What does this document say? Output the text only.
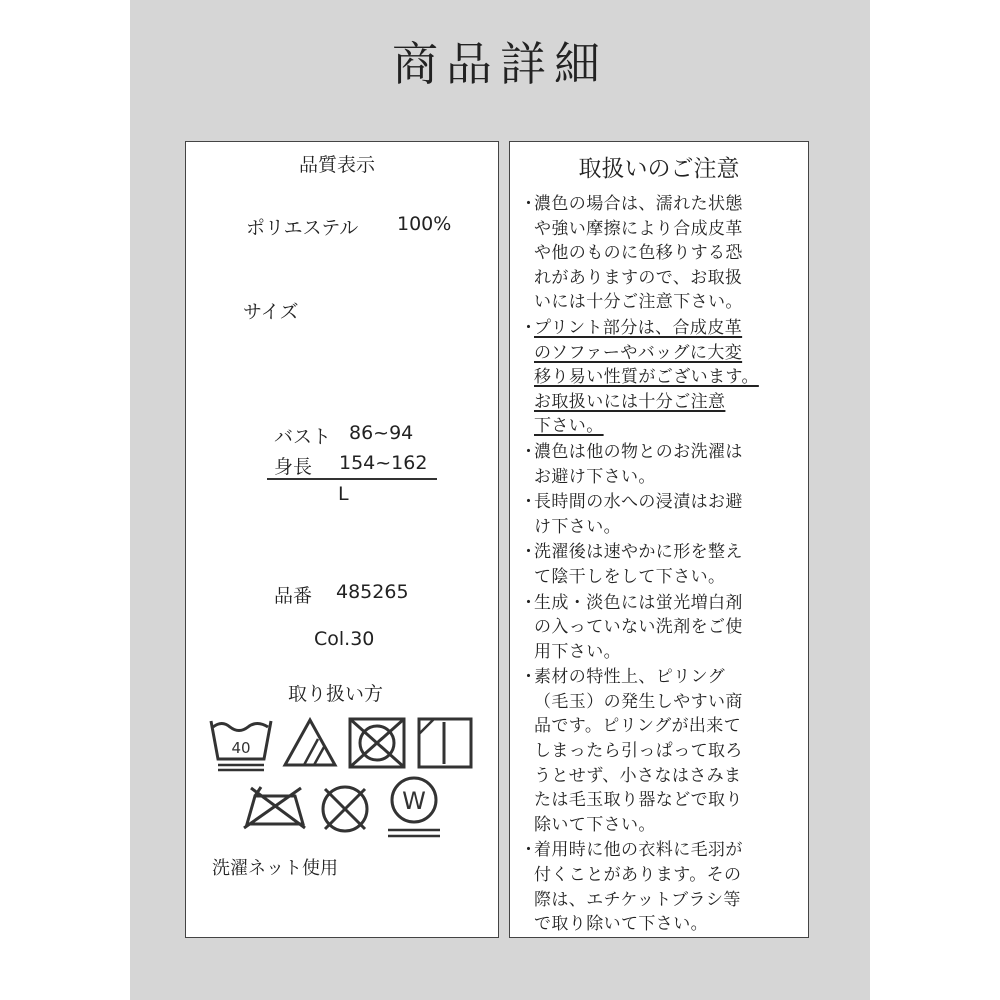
商品詳細
品質表示
ポリエステル 100%
サイズ
バスト 86~94
身長 154~162
L
品番 485265
Col.30
取り扱い方
40
W
洗濯ネット使用
取扱いのご注意
・
濃色の場合は、濡れた状態
や強い摩擦により合成皮革
や他のものに色移りする恐
れがありますので、お取扱
いには十分ご注意下さい。
・
プリント部分は、合成皮革
のソファーやバッグに大変
移り易い性質がございます。
お取扱いには十分ご注意
下さい。
・
濃色は他の物とのお洗濯は
お避け下さい。
・
長時間の水への浸漬はお避
け下さい。
・
洗濯後は速やかに形を整え
て陰干しをして下さい。
・
生成・淡色には蛍光増白剤
の入っていない洗剤をご使
用下さい。
・
素材の特性上、ピリング
（毛玉）の発生しやすい商
品です。ピリングが出来て
しまったら引っぱって取ろ
うとせず、小さなはさみま
たは毛玉取り器などで取り
除いて下さい。
・
着用時に他の衣料に毛羽が
付くことがあります。その
際は、エチケットブラシ等
で取り除いて下さい。
